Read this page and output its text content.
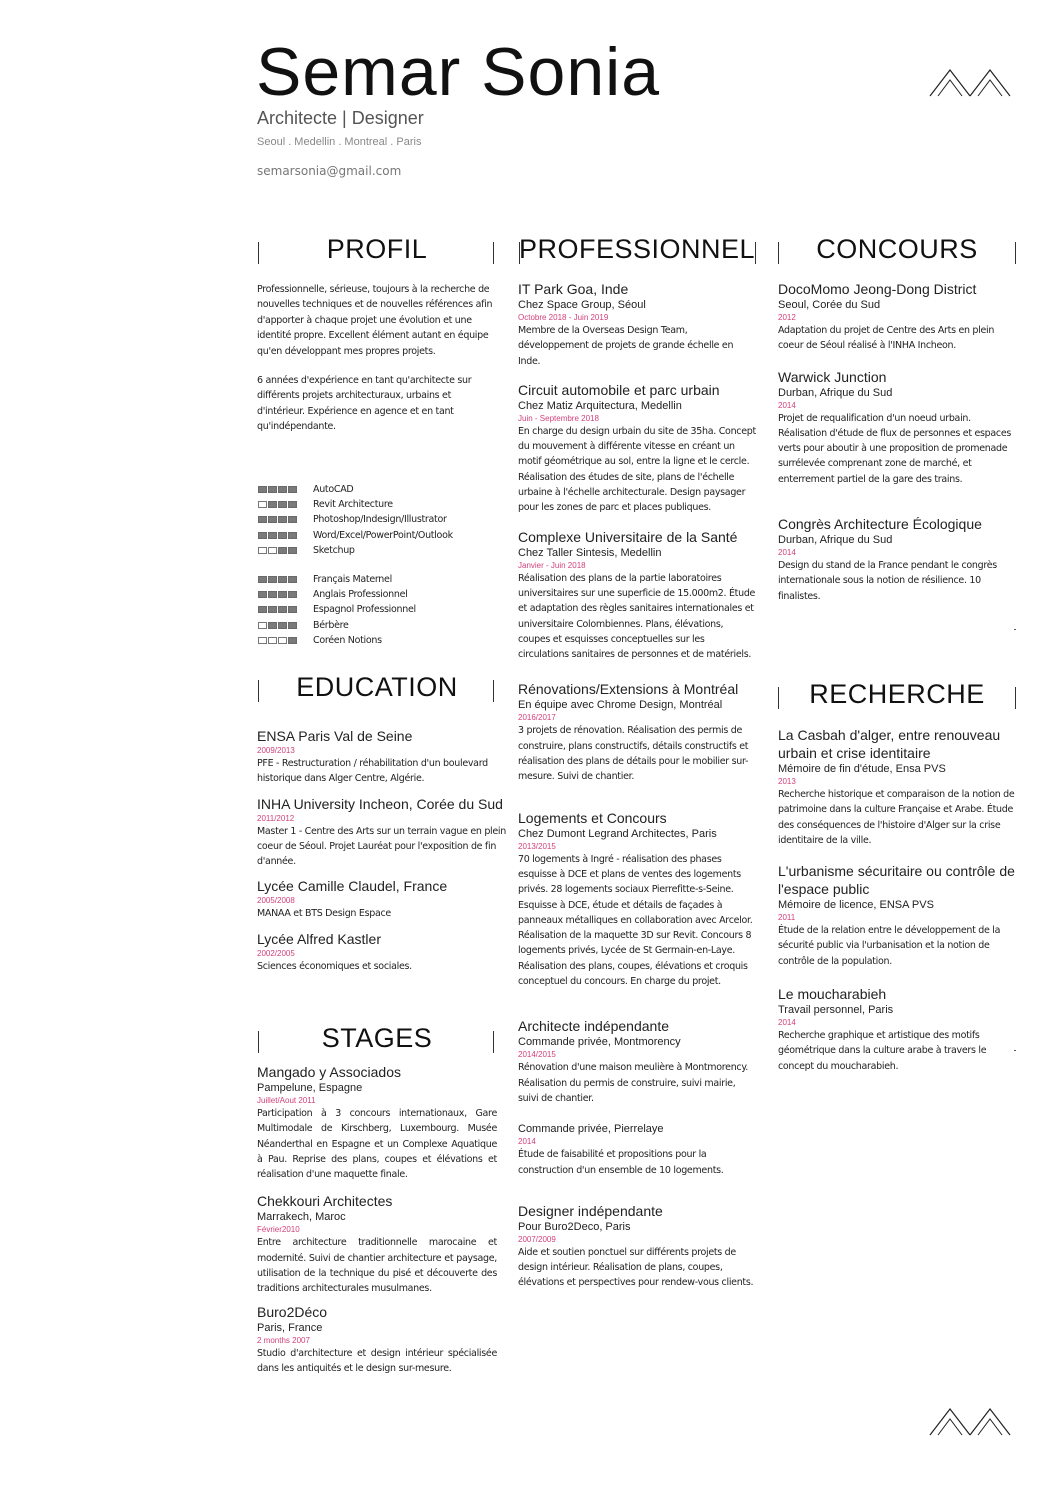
Semar Sonia
Architecte | Designer
Seoul . Medellin . Montreal . Paris
semarsonia@gmail.com
PROFIL	PROFESSIONNEL	CONCOURS
EDUCATION	RECHERCHE
STAGES

Professionnelle, sérieuse, toujours à la recherche de nouvelles techniques et de nouvelles références afin d'apporter à chaque projet une évolution et une identité propre. Excellent élément autant en équipe qu'en développant mes propres projets.

6 années d'expérience en tant qu'architecte sur différents projets architecturaux, urbains et d'intérieur. Expérience en agence et en tant qu'indépendante.

AutoCAD
Revit Architecture
Photoshop/Indesign/Illustrator
Word/Excel/PowerPoint/Outlook
Sketchup
Français Maternel
Anglais Professionnel
Espagnol Professionnel
Bérbère
Coréen Notions
ENSA Paris Val de Seine
2009/2013
PFE - Restructuration / réhabilitation d'un boulevard historique dans Alger Centre, Algérie.
INHA University Incheon, Corée du Sud
2011/2012
Master 1 - Centre des Arts sur un terrain vague en plein coeur de Séoul. Projet Lauréat pour l'exposition de fin d'année.
Lycée Camille Claudel, France
2005/2008
MANAA et BTS Design Espace
Lycée Alfred Kastler
2002/2005
Sciences économiques et sociales.
Mangado y Associados
Pampelune, Espagne
Juillet/Aout 2011
Participation à 3 concours internationaux, Gare Multimodale de Kirschberg, Luxembourg. Musée Néanderthal en Espagne et un Complexe Aquatique à Pau. Reprise des plans, coupes et élévations et réalisation d'une maquette finale.
Chekkouri Architectes
Marrakech, Maroc
Février2010
Entre architecture traditionnelle marocaine et modernité. Suivi de chantier architecture et paysage, utilisation de la technique du pisé et découverte des traditions architecturales musulmanes.
Buro2Déco
Paris, France
2 months 2007
Studio d'architecture et design intérieur spécialisée dans les antiquités et le design sur-mesure.
IT Park Goa, Inde
Chez Space Group, Séoul
Octobre 2018 - Juin 2019
Membre de la Overseas Design Team, développement de projets de grande échelle en Inde.
Circuit automobile et parc urbain
Chez Matiz Arquitectura, Medellin
Juin - Septembre 2018
En charge du design urbain du site de 35ha. Concept du mouvement à différente vitesse en créant un motif géométrique au sol, entre la ligne et le cercle. Réalisation des études de site, plans de l'échelle urbaine à l'échelle architecturale. Design paysager pour les zones de parc et places publiques.
Complexe Universitaire de la Santé
Chez Taller Sintesis, Medellin
Janvier - Juin 2018
Réalisation des plans de la partie laboratoires universitaires sur une superficie de 15.000m2. Étude et adaptation des règles sanitaires internationales et universitaire Colombiennes. Plans, élévations, coupes et esquisses conceptuelles sur les circulations sanitaires de personnes et de matériels.
Rénovations/Extensions à Montréal
En équipe avec Chrome Design, Montréal
2016/2017
3 projets de rénovation. Réalisation des permis de construire, plans constructifs, détails constructifs et réalisation des plans de détails pour le mobilier sur-mesure. Suivi de chantier.
Logements et Concours
Chez Dumont Legrand Architectes, Paris
2013/2015
70 logements à Ingré - réalisation des phases esquisse à DCE et plans de ventes des logements privés. 28 logements sociaux Pierrefitte-s-Seine. Esquisse à DCE, étude et détails de façades à panneaux métalliques en collaboration avec Arcelor. Réalisation de la maquette 3D sur Revit. Concours 8 logements privés, Lycée de St Germain-en-Laye. Réalisation des plans, coupes, élévations et croquis conceptuel du concours. En charge du projet.
Architecte indépendante
Commande privée, Montmorency
2014/2015
Rénovation d'une maison meulière à Montmorency. Réalisation du permis de construire, suivi mairie, suivi de chantier.
Commande privée, Pierrelaye
2014
Étude de faisabilité et propositions pour la construction d'un ensemble de 10 logements.
Designer indépendante
Pour Buro2Deco, Paris
2007/2009
Aide et soutien ponctuel sur différents projets de design intérieur. Réalisation de plans, coupes, élévations et perspectives pour rendew-vous clients.
DocoMomo Jeong-Dong District
Seoul, Corée du Sud
2012
Adaptation du projet de Centre des Arts en plein coeur de Séoul réalisé à l'INHA Incheon.
Warwick Junction
Durban, Afrique du Sud
2014
Projet de requalification d'un noeud urbain. Réalisation d'étude de flux de personnes et espaces verts pour aboutir à une proposition de promenade surrélevée comprenant zone de marché, et enterrement partiel de la gare des trains.
Congrès Architecture Écologique
Durban, Afrique du Sud
2014
Design du stand de la France pendant le congrès internationale sous la notion de résilience. 10 finalistes.
La Casbah d'alger, entre renouveau urbain et crise identitaire
Mémoire de fin d'étude, Ensa PVS
2013
Recherche historique et comparaison de la notion de patrimoine dans la culture Française et Arabe. Étude des conséquences de l'histoire d'Alger sur la crise identitaire de la ville.
L'urbanisme sécuritaire ou contrôle de l'espace public
Mémoire de licence, ENSA PVS
2011
Étude de la relation entre le développement de la sécurité public via l'urbanisation et la notion de contrôle de la population.
Le moucharabieh
Travail personnel, Paris
2014
Recherche graphique et artistique des motifs géométrique dans la culture arabe à travers le concept du moucharabieh.
